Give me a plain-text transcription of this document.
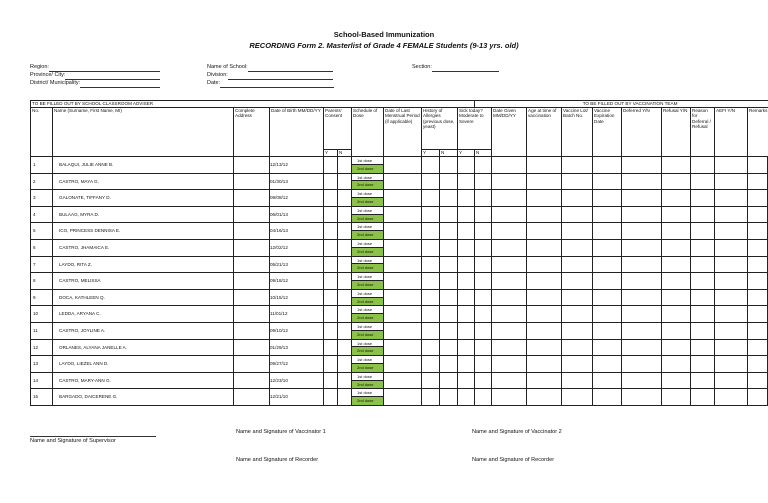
School-Based Immunization
RECORDING Form 2. Masterlist of Grade 4 FEMALE Students (9-13 yrs. old)
Region:
Province/ City:
District/ Municipality:
Name of School:
Division:
Date:
Section:
TO BE FILLED OUT BY SCHOOL CLASSROOM ADVISER											TO BE FILLED OUT BY VACCINATION TEAM										
No.	Name (Surname, First Name, MI)	Complete Address	Date of Birth MM/DD/YY	Parents' Consent		Schedule of Dose	Date of Last Menstrual Period (if applicable)	History of Allergies (previous dose, yeast)		Sick today? Moderate to Severe		Date Given MM/DD/YY	Age at time of vaccination	Vaccine Lot/ Batch No.	Vaccine Expiration Date	Deferred Y/N	Refusal Y/N	Reason for Deferral / Refusal	AEFI Y/N	Remarks	
				Y	N			Y	N	Y	N										
1	BALAQUI, JULIE ANNE B.		12/13/12			1st dose
2nd dose															

2	CASTRO, MAYA G.		01/30/13			1st dose
2nd dose															

3	GALONATE, TIFFANY D.		09/08/12			1st dose
2nd dose															

4	BULAAG, MYRA D.		06/01/13			1st dose
2nd dose															

5	ICO, PRINCESS DENNISA E.		04/16/13			1st dose
2nd dose															

6	CASTRO, JHAMAICA E.		12/02/12			1st dose
2nd dose															

7	LAYDO, RITA Z.		05/21/13			1st dose
2nd dose															

8	CASTRO, MELISSA		09/18/12			1st dose
2nd dose															

9	DOCA, KATHLEEN Q.		10/15/12			1st dose
2nd dose															

10	LEDDA, ARYANA C.		11/01/12			1st dose
2nd dose															

11	CASTRO, JOYLINE A.		09/10/12			1st dose
2nd dose															

12	ORLANES, ALYANA JANELLE A.		01/29/13			1st dose
2nd dose															

13	LAYDO, LIEZEL ANN D.		09/27/12			1st dose
2nd dose															

14	CASTRO, MARY-ANN G.		12/23/10			1st dose
2nd dose															

15	BARGADO, DAICERENE G.		12/21/10			1st dose
2nd dose															

Name and Signature of Supervisor
Name and Signature of Vaccinator 1	Name and Signature of Vaccinator 2
Name and Signature of Recorder	Name and Signature of Recorder
